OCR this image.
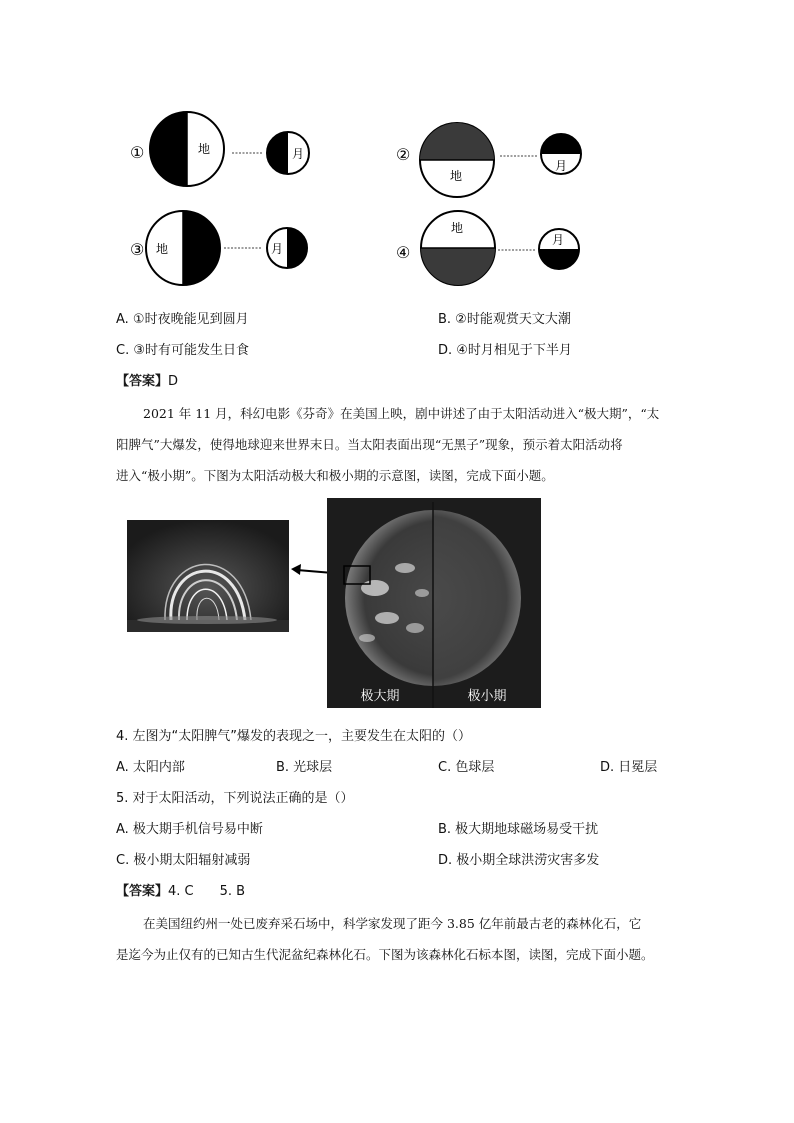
①	地	月	②
地
月
③ 地	月	④
地
月
A. ①时夜晚能见到圆月	B. ②时能观赏天文大潮
C. ③时有可能发生日食	D. ④时月相见于下半月
【答案】D
2021 年 11 月，科幻电影《芬奇》在美国上映，剧中讲述了由于太阳活动进入“极大期”，“太
阳脾气”大爆发，使得地球迎来世界末日。当太阳表面出现“无黑子”现象，预示着太阳活动将
进入“极小期”。下图为太阳活动极大和极小期的示意图，读图，完成下面小题。
极大期	极小期
4. 左图为“太阳脾气”爆发的表现之一，主要发生在太阳的（）
A. 太阳内部	B. 光球层	C. 色球层	D. 日冕层
5. 对于太阳活动，下列说法正确的是（）
A. 极大期手机信号易中断	B. 极大期地球磁场易受干扰
C. 极小期太阳辐射减弱	D. 极小期全球洪涝灾害多发
【答案】4. C 5. B
在美国纽约州一处已废弃采石场中，科学家发现了距今 3.85 亿年前最古老的森林化石，它
是迄今为止仅有的已知古生代泥盆纪森林化石。下图为该森林化石标本图，读图，完成下面小题。
